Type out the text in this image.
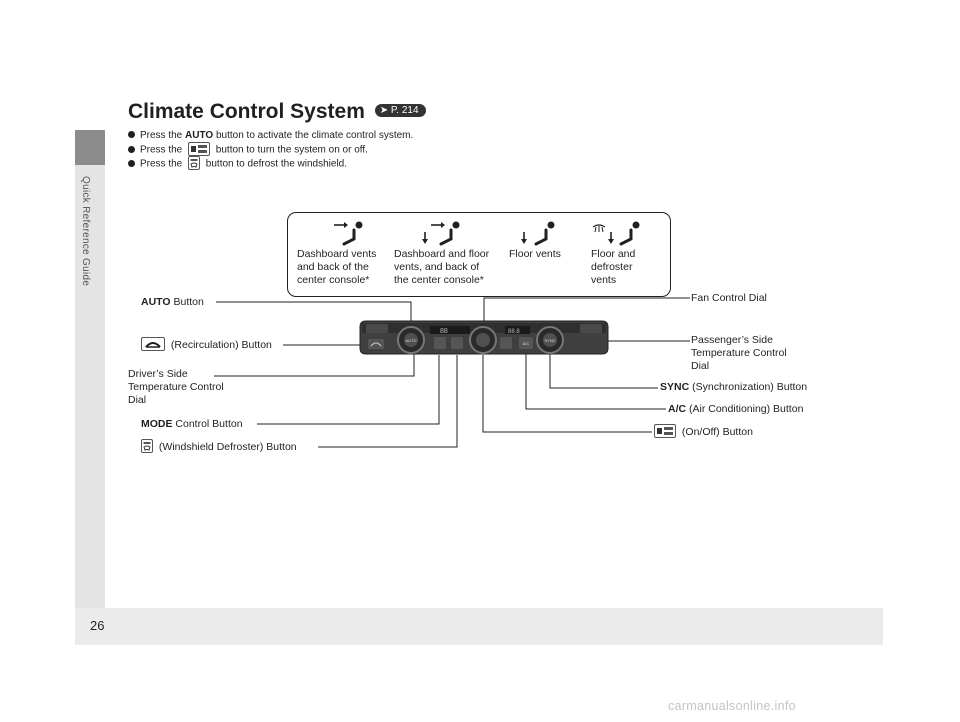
Quick Reference Guide
26
Climate Control System ➤ P. 214
Press the AUTO button to activate the climate control system.
Press the	button to turn the system on or off.
Press the
button to defrost the windshield.
Dashboard vents
and back of the
center console*
Dashboard and floor
vents, and back of
the center console*
Floor vents	Floor and
defroster
vents
AUTO	SYNC
A/C
88	88.8
AUTO Button
(Recirculation) Button
Driver’s Side
Temperature Control
Dial
MODE Control Button
(Windshield Defroster) Button
Fan Control Dial
Passenger’s Side
Temperature Control
Dial
SYNC (Synchronization) Button
A/C (Air Conditioning) Button
(On/Off) Button
carmanualsonline.info
